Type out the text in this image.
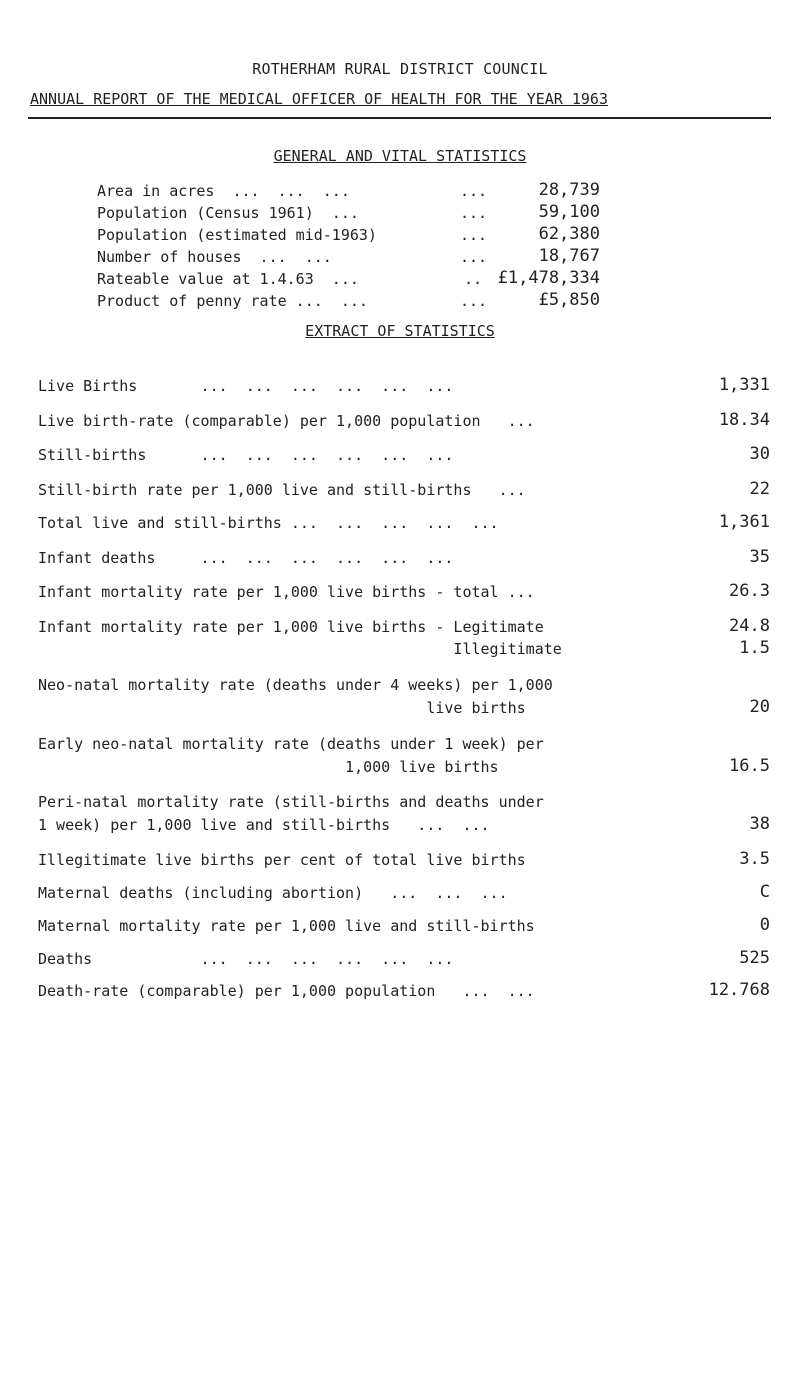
ROTHERHAM RURAL DISTRICT COUNCIL
ANNUAL REPORT OF THE MEDICAL OFFICER OF HEALTH FOR THE YEAR 1963
GENERAL AND VITAL STATISTICS
Area in acres  ...  ...  ...	...	28,739
Population (Census 1961)  ...	...	59,100
Population (estimated mid-1963)	...	62,380
Number of houses  ...  ...	...	18,767
Rateable value at 1.4.63  ...	.. £1,478,334
Product of penny rate ...  ...	...	£5,850
EXTRACT OF STATISTICS
Live Births       ...  ...  ...  ...  ...  ...	1,331
Live birth-rate (comparable) per 1,000 population   ...	18.34
Still-births      ...  ...  ...  ...  ...  ...	30
Still-birth rate per 1,000 live and still-births   ...	22
Total live and still-births ...  ...  ...  ...  ...	1,361
Infant deaths     ...  ...  ...  ...  ...  ...	35
Infant mortality rate per 1,000 live births - total ...	26.3
Infant mortality rate per 1,000 live births - Legitimate	24.8
Illegitimate	1.5
Neo-natal mortality rate (deaths under 4 weeks) per 1,000
live births	20
Early neo-natal mortality rate (deaths under 1 week) per
1,000 live births	16.5
Peri-natal mortality rate (still-births and deaths under
1 week) per 1,000 live and still-births   ...  ...	38
Illegitimate live births per cent of total live births	3.5
Maternal deaths (including abortion)   ...  ...  ...	C
Maternal mortality rate per 1,000 live and still-births	0
Deaths            ...  ...  ...  ...  ...  ...	525
Death-rate (comparable) per 1,000 population   ...  ...	12.768
